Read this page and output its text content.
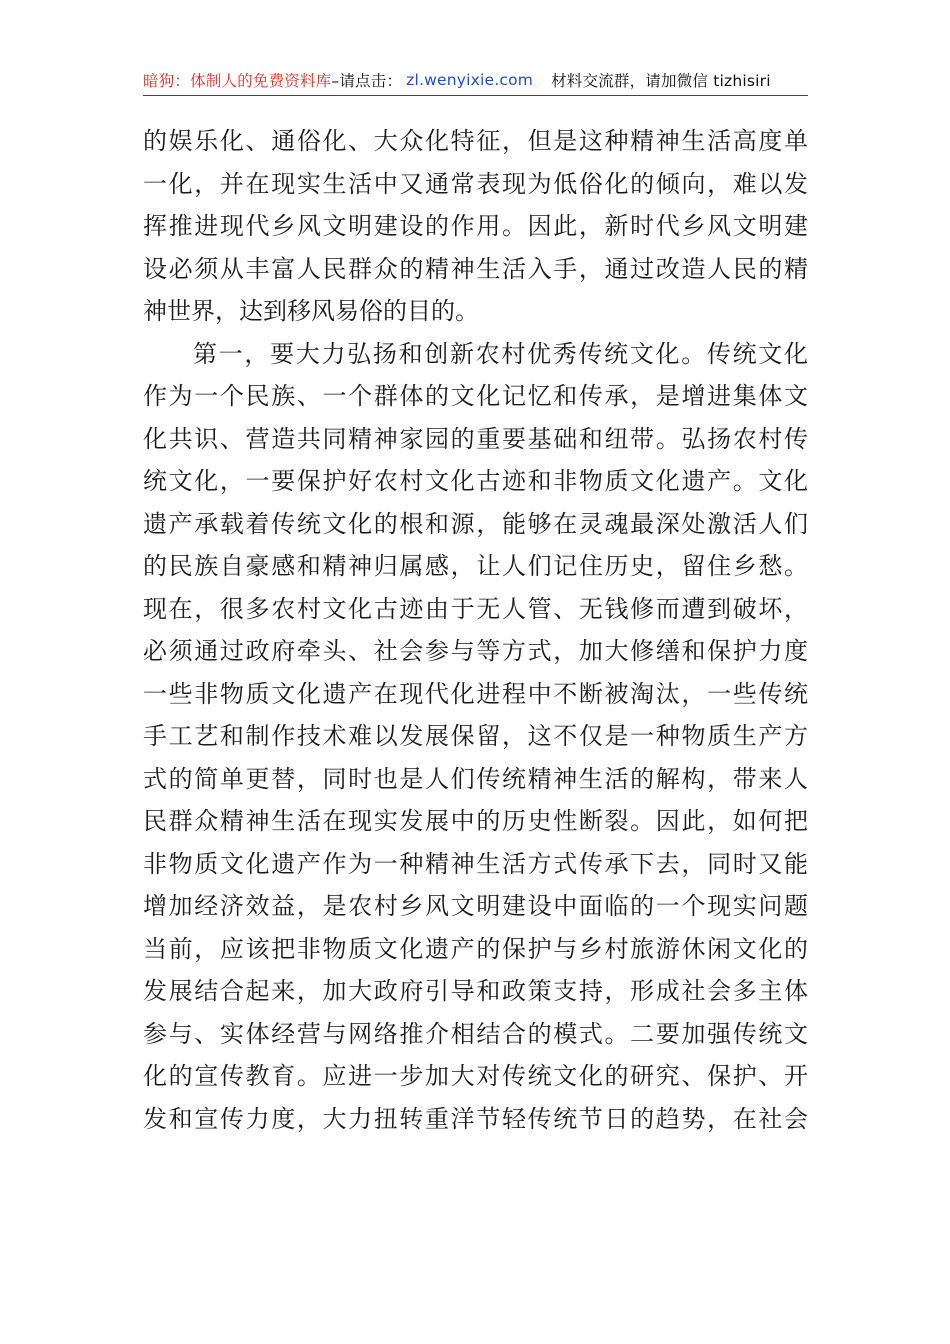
暗狗：体制人的免费资料库 –请点击： zl.wenyixie.com 材料交流群，请加微信 tizhisiri
的娱乐化、通俗化、大众化特征，但是这种精神生活高度单
一化，并在现实生活中又通常表现为低俗化的倾向，难以发
挥推进现代乡风文明建设的作用。因此，新时代乡风文明建
设必须从丰富人民群众的精神生活入手，通过改造人民的精
神世界，达到移风易俗的目的。
第一，要大力弘扬和创新农村优秀传统文化。传统文化
作为一个民族、一个群体的文化记忆和传承，是增进集体文
化共识、营造共同精神家园的重要基础和纽带。弘扬农村传
统文化，一要保护好农村文化古迹和非物质文化遗产。文化
遗产承载着传统文化的根和源，能够在灵魂最深处激活人们
的民族自豪感和精神归属感，让人们记住历史，留住乡愁。
现在，很多农村文化古迹由于无人管、无钱修而遭到破坏，
必须通过政府牵头、社会参与等方式，加大修缮和保护力度
一些非物质文化遗产在现代化进程中不断被淘汰，一些传统
手工艺和制作技术难以发展保留，这不仅是一种物质生产方
式的简单更替，同时也是人们传统精神生活的解构，带来人
民群众精神生活在现实发展中的历史性断裂。因此，如何把
非物质文化遗产作为一种精神生活方式传承下去，同时又能
增加经济效益，是农村乡风文明建设中面临的一个现实问题
当前，应该把非物质文化遗产的保护与乡村旅游休闲文化的
发展结合起来，加大政府引导和政策支持，形成社会多主体
参与、实体经营与网络推介相结合的模式。二要加强传统文
化的宣传教育。应进一步加大对传统文化的研究、保护、开
发和宣传力度，大力扭转重洋节轻传统节日的趋势，在社会
